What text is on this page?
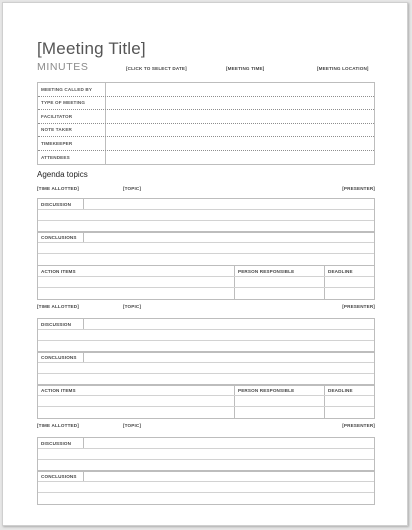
[Meeting Title]
MINUTES	[CLICK TO SELECT DATE]	[MEETING TIME]	[MEETING LOCATION]
MEETING CALLED BY
TYPE OF MEETING
FACILITATOR
NOTE TAKER
TIMEKEEPER
ATTENDEES
Agenda topics
[TIME ALLOTTED]	[TOPIC]	[PRESENTER]
DISCUSSION
CONCLUSIONS
ACTION ITEMS	PERSON RESPONSIBLE	DEADLINE
[TIME ALLOTTED]	[TOPIC]	[PRESENTER]
DISCUSSION
CONCLUSIONS
ACTION ITEMS	PERSON RESPONSIBLE	DEADLINE
[TIME ALLOTTED]	[TOPIC]	[PRESENTER]
DISCUSSION
CONCLUSIONS
